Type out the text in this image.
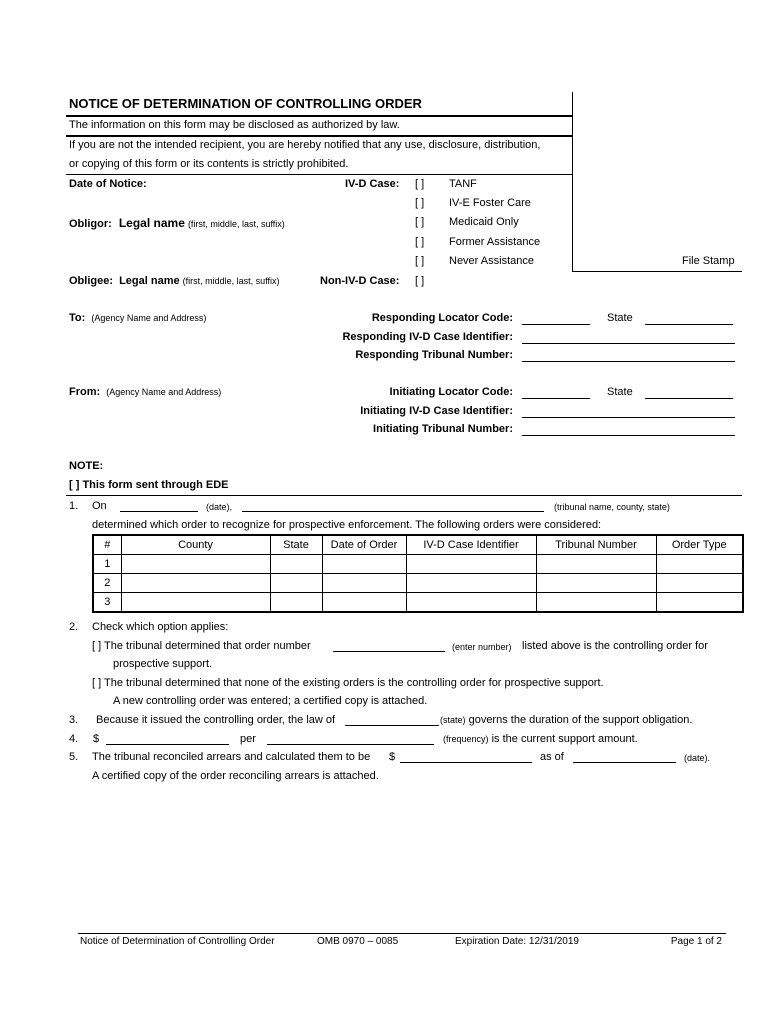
NOTICE OF DETERMINATION OF CONTROLLING ORDER
The information on this form may be disclosed as authorized by law.
If you are not the intended recipient, you are hereby notified that any use, disclosure, distribution,
or copying of this form or its contents is strictly prohibited.
File Stamp
Date of Notice:	IV-D Case: [ ] TANF
[ ] IV-E Foster Care
[ ] Medicaid Only
[ ] Former Assistance
[ ] Never Assistance
Obligor: Legal name (first, middle, last, suffix)
Obligee: Legal name (first, middle, last, suffix)	Non-IV-D Case: [ ]
To: (Agency Name and Address)	Responding Locator Code:	State
Responding IV-D Case Identifier:
Responding Tribunal Number:
From: (Agency Name and Address)	Initiating Locator Code:	State
Initiating IV-D Case Identifier:
Initiating Tribunal Number:
NOTE:
[ ] This form sent through EDE
1. On	(date),	(tribunal name, county, state)
determined which order to recognize for prospective enforcement. The following orders were considered:
#	County	State	Date of Order	IV-D Case Identifier	Tribunal Number	Order Type
1						
2						
3						
2. Check which option applies:
[ ] The tribunal determined that order number	(enter number) listed above is the controlling order for
prospective support.
[ ] The tribunal determined that none of the existing orders is the controlling order for prospective support.
A new controlling order was entered; a certified copy is attached.
3. Because it issued the controlling order, the law of	(state) governs the duration of the support obligation.
4. $	per	(frequency) is the current support amount.
5. The tribunal reconciled arrears and calculated them to be $	as of	(date).
A certified copy of the order reconciling arrears is attached.
Notice of Determination of Controlling Order	OMB 0970 – 0085	Expiration Date: 12/31/2019	Page 1 of 2
